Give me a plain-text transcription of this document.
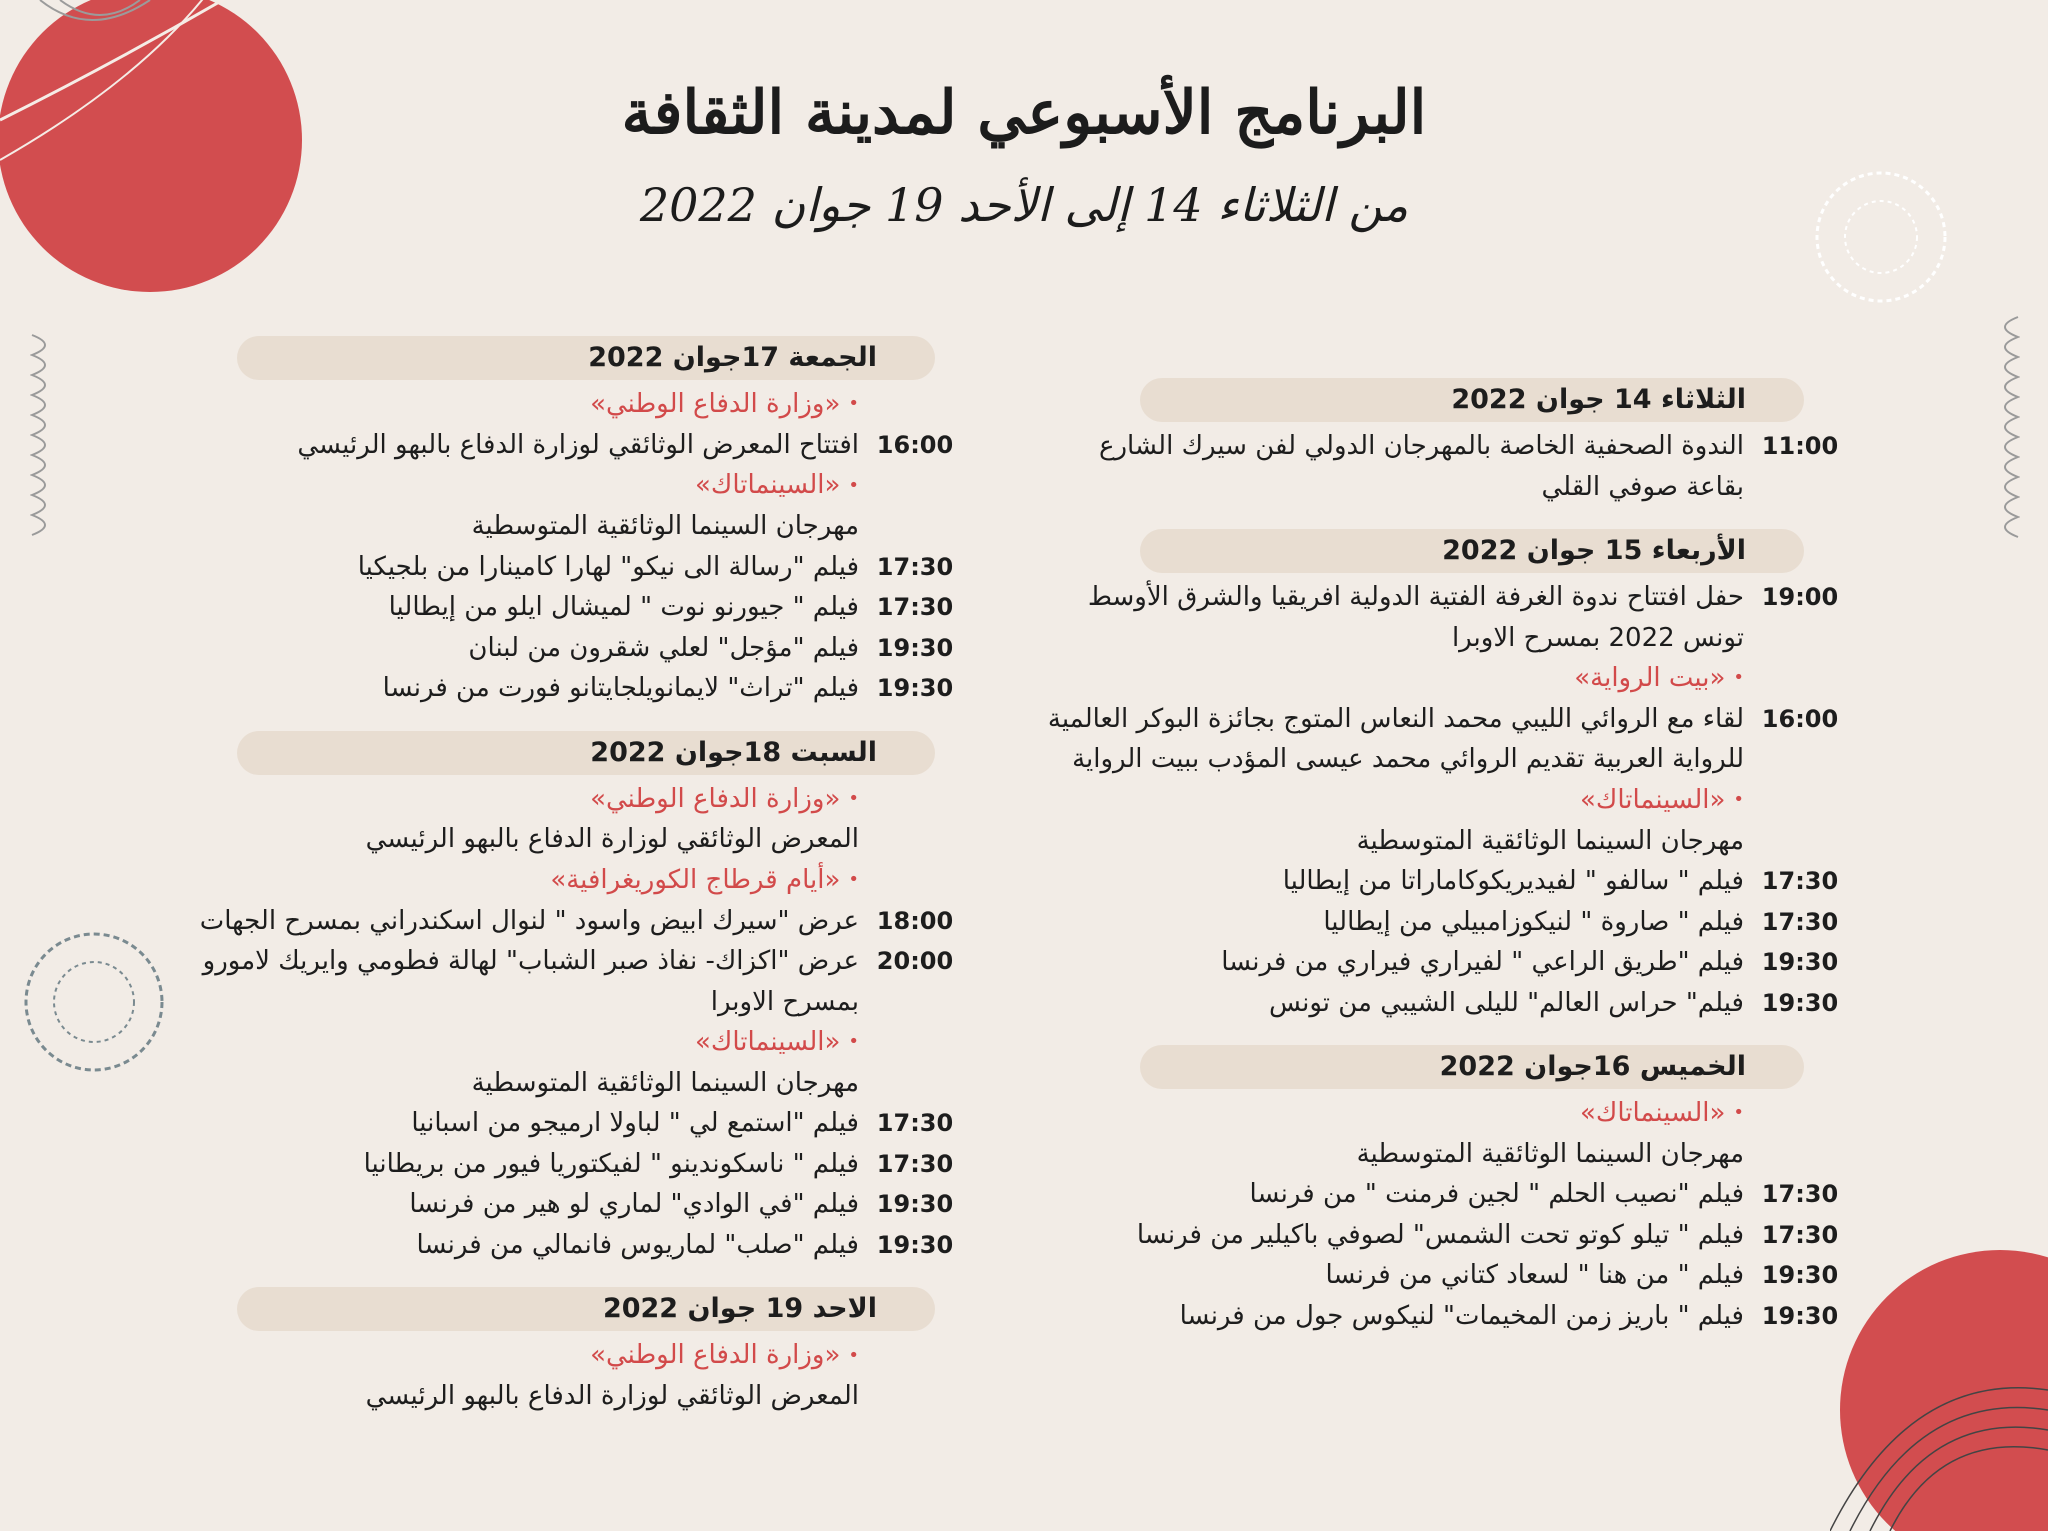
البرنامج الأسبوعي لمدينة الثقافة
من الثلاثاء 14 إلى الأحد 19 جوان 2022
الثلاثاء 14 جوان 2022
11:00
الندوة الصحفية الخاصة بالمهرجان الدولي لفن سيرك الشارع بقاعة صوفي القلي
الأربعاء 15 جوان 2022
19:00
حفل افتتاح ندوة الغرفة الفتية الدولية افريقيا والشرق الأوسط تونس 2022 بمسرح الاوبرا
•«بيت الرواية»
16:00
لقاء مع الروائي الليبي محمد النعاس المتوج بجائزة البوكر العالمية للرواية العربية تقديم الروائي محمد عيسى المؤدب ببيت الرواية
•«السينماتاك»
مهرجان السينما الوثائقية المتوسطية
17:30
فيلم " سالفو " لفيديريكوكاماراتا من إيطاليا
17:30
فيلم " صاروة " لنيكوزامبيلي من إيطاليا
19:30
فيلم "طريق الراعي " لفيراري فيراري من فرنسا
19:30
فيلم" حراس العالم" لليلى الشيبي من تونس
الخميس 16جوان 2022
•«السينماتاك»
مهرجان السينما الوثائقية المتوسطية
17:30
فيلم "نصيب الحلم " لجين فرمنت " من فرنسا
17:30
فيلم " تيلو كوتو تحت الشمس" لصوفي باكيلير من فرنسا
19:30
فيلم " من هنا " لسعاد كتاني من فرنسا
19:30
فيلم " باريز زمن المخيمات" لنيكوس جول من فرنسا
الجمعة 17جوان 2022
•«وزارة الدفاع الوطني»
16:00
افتتاح المعرض الوثائقي لوزارة الدفاع بالبهو الرئيسي
•«السينماتاك»
مهرجان السينما الوثائقية المتوسطية
17:30
فيلم "رسالة الى نيكو" لهارا كامينارا من بلجيكيا
17:30
فيلم " جيورنو نوت " لميشال ايلو من إيطاليا
19:30
فيلم "مؤجل" لعلي شقرون من لبنان
19:30
فيلم "تراث" لايمانويلجايتانو فورت من فرنسا
السبت 18جوان 2022
•«وزارة الدفاع الوطني»
المعرض الوثائقي لوزارة الدفاع بالبهو الرئيسي
•«أيام قرطاج الكوريغرافية»
18:00
عرض "سيرك ابيض واسود " لنوال اسكندراني بمسرح الجهات
20:00
عرض "اكزاك- نفاذ صبر الشباب" لهالة فطومي وايريك لامورو بمسرح الاوبرا
•«السينماتاك»
مهرجان السينما الوثائقية المتوسطية
17:30
فيلم "استمع لي " لباولا ارميجو من اسبانيا
17:30
فيلم " ناسكوندينو " لفيكتوريا فيور من بريطانيا
19:30
فيلم "في الوادي" لماري لو هير من فرنسا
19:30
فيلم "صلب" لماريوس فانمالي من فرنسا
الاحد 19 جوان 2022
•«وزارة الدفاع الوطني»
المعرض الوثائقي لوزارة الدفاع بالبهو الرئيسي
